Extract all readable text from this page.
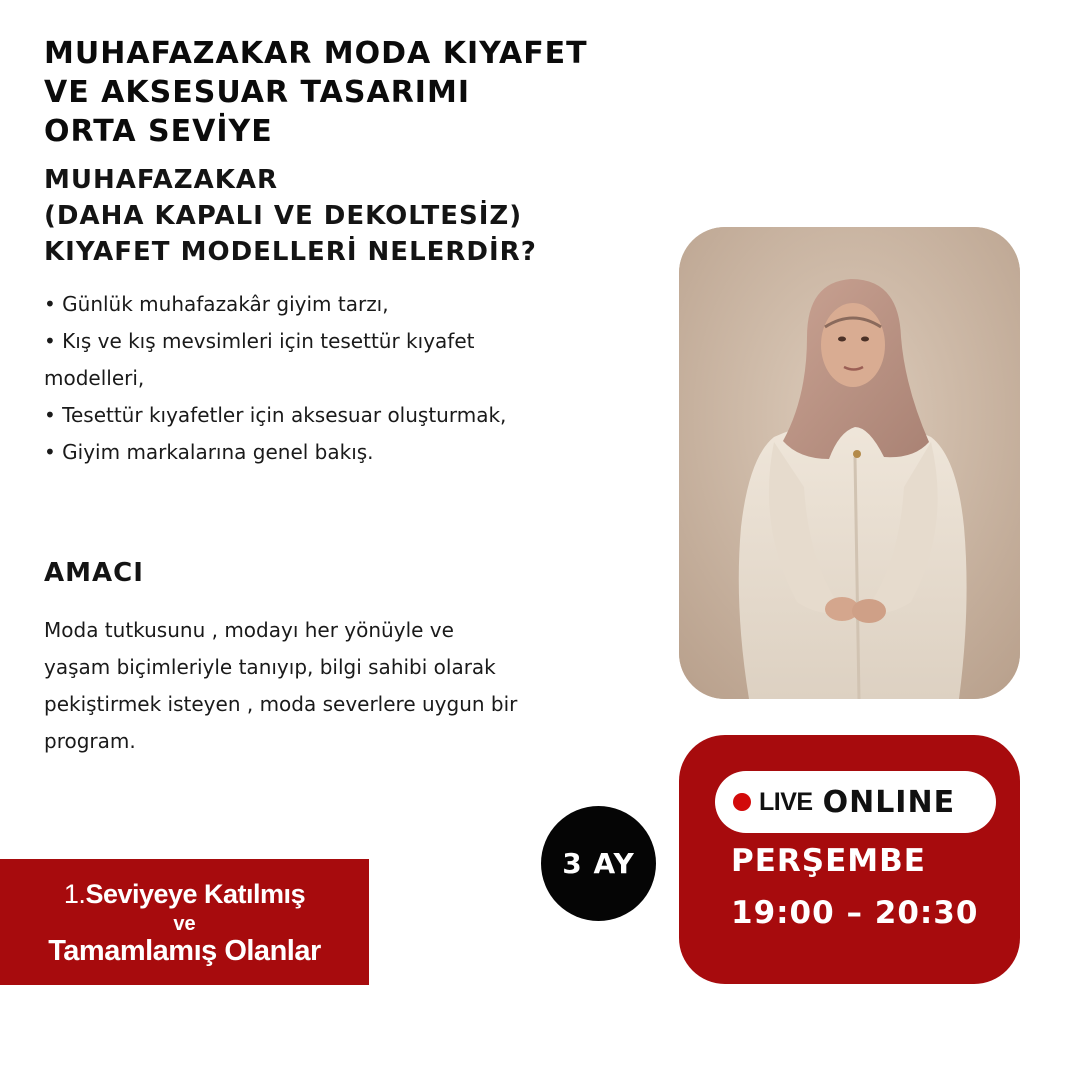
MUHAFAZAKAR MODA KIYAFET
VE AKSESUAR TASARIMI
ORTA SEVİYE
MUHAFAZAKAR
(DAHA KAPALI VE DEKOLTESİZ)
KIYAFET MODELLERİ NELERDİR?
• Günlük muhafazakâr giyim tarzı,
• Kış ve kış mevsimleri için tesettür kıyafet modelleri,
• Tesettür kıyafetler için aksesuar oluşturmak,
• Giyim markalarına genel bakış.
AMACI
Moda tutkusunu , modayı her yönüyle ve yaşam biçimleriyle tanıyıp, bilgi sahibi olarak pekiştirmek isteyen , moda severlere uygun bir program.
1.Seviyeye Katılmış
ve
Tamamlamış Olanlar
3 AY
LIVE ONLINE
PERŞEMBE
19:00 – 20:30
